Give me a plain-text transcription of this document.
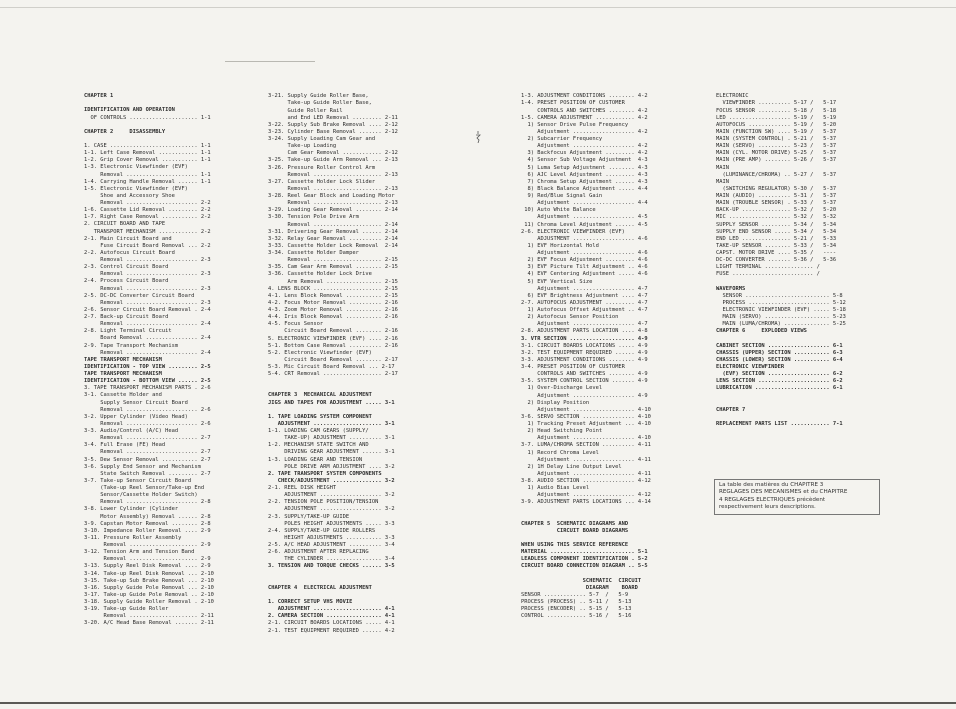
CHAPTER 1
IDENTIFICATION AND OPERATION
OF CONTROLS ..................... 1-1
CHAPTER 2     DISASSEMBLY
1. CASE ........................... 1-1
1-1. Left Case Removal ............ 1-1
1-2. Grip Cover Removal ........... 1-1
1-3. Electronic Viewfinder (EVF)
Removal ...................... 1-1
1-4. Carrying Handle Removal ...... 1-1
1-5. Electronic Viewfinder (EVF)
Shoe and Accessory Shoe
Removal ...................... 2-2
1-6. Cassette Lid Removal ......... 2-2
1-7. Right Case Removal ........... 2-2
2. CIRCUIT BOARD AND TAPE
TRANSPORT MECHANISM ............ 2-2
2-1. Main Circuit Board and
Fuse Circuit Board Removal ... 2-2
2-2. Autofocus Circuit Board
Removal ...................... 2-3
2-3. Control Circuit Board
Removal ...................... 2-3
2-4. Process Circuit Board
Removal ...................... 2-3
2-5. DC-DC Converter Circuit Board
Removal ...................... 2-3
2-6. Sensor Circuit Board Removal . 2-4
2-7. Back-up Circuit Board
Removal ...................... 2-4
2-8. Light Terminal Circuit
Board Removal ................ 2-4
2-9. Tape Transport Mechanism
Removal ...................... 2-4
TAPE TRANSPORT MECHANISM
IDENTIFICATION - TOP VIEW ......... 2-5
TAPE TRANSPORT MECHANISM
IDENTIFICATION - BOTTOM VIEW ...... 2-5
3. TAPE TRANSPORT MECHANISM PARTS . 2-6
3-1. Cassette Holder and
Supply Sensor Circuit Board
Removal ...................... 2-6
3-2. Upper Cylinder (Video Head)
Removal ...................... 2-6
3-3. Audio/Control (A/C) Head
Removal ...................... 2-7
3-4. Full Erase (FE) Head
Removal ...................... 2-7
3-5. Dew Sensor Removal ........... 2-7
3-6. Supply End Sensor and Mechanism
State Switch Removal ......... 2-7
3-7. Take-up Sensor Circuit Board
(Take-up Reel Sensor/Take-up End
Sensor/Cassette Holder Switch)
Removal ...................... 2-8
3-8. Lower Cylinder (Cylinder
Motor Assembly) Removal ...... 2-8
3-9. Capstan Motor Removal ........ 2-8
3-10. Impedance Roller Removal .... 2-9
3-11. Pressure Roller Assembly
Removal ..................... 2-9
3-12. Tension Arm and Tension Band
Removal ..................... 2-9
3-13. Supply Reel Disk Removal .... 2-9
3-14. Take-up Reel Disk Removal ... 2-10
3-15. Take-up Sub Brake Removal ... 2-10
3-16. Supply Guide Pole Removal ... 2-10
3-17. Take-up Guide Pole Removal .. 2-10
3-18. Supply Guide Roller Removal . 2-10
3-19. Take-up Guide Roller
Removal ..................... 2-11
3-20. A/C Head Base Removal ....... 2-11

3-21. Supply Guide Roller Base,
Take-up Guide Roller Base,
Guide Roller Rail
and End LED Removal ......... 2-11
3-22. Supply Sub Brake Removal .... 2-12
3-23. Cylinder Base Removal ....... 2-12
3-24. Supply Loading Cam Gear and
Take-up Loading
Cam Gear Removal ............ 2-12
3-25. Take-up Guide Arm Removal ... 2-13
3-26. Pressure Roller Control Arm
Removal ..................... 2-13
3-27. Cassette Holder Lock Slider
Removal ..................... 2-13
3-28. Reel Gear Block and Loading Motor
Removal ..................... 2-13
3-29. Loading Gear Removal ........ 2-14
3-30. Tension Pole Drive Arm
Removal ..................... 2-14
3-31. Drivering Gear Removal ...... 2-14
3-32. Relay Gear Removal .......... 2-14
3-33. Cassette Holder Lock Removal  2-14
3-34. Cassette Holder Damper
Removal ..................... 2-15
3-35. Cam Gear Arm Removal ........ 2-15
3-36. Cassette Holder Lock Drive
Arm Removal ................. 2-15
4. LENS BLOCK ..................... 2-15
4-1. Lens Block Removal ........... 2-15
4-2. Focus Motor Removal .......... 2-16
4-3. Zoom Motor Removal ........... 2-16
4-4. Iris Block Removal ........... 2-16
4-5. Focus Sensor
Circuit Board Removal ........ 2-16
5. ELECTRONIC VIEWFINDER (EVF) .... 2-16
5-1. Bottom Case Removal .......... 2-16
5-2. Electronic Viewfinder (EVF)
Circuit Board Removal ........ 2-17
5-3. Mic Circuit Board Removal ... 2-17
5-4. CRT Removal .................. 2-17
CHAPTER 3  MECHANICAL ADJUSTMENT
JIGS AND TAPES FOR ADJUSTMENT ..... 3-1
1. TAPE LOADING SYSTEM COMPONENT
ADJUSTMENT ..................... 3-1
1-1. LOADING CAM GEARS (SUPPLY/
TAKE-UP) ADJUSTMENT .......... 3-1
1-2. MECHANISM STATE SWITCH AND
DRIVING GEAR ADJUSTMENT ...... 3-1
1-3. LOADING GEAR AND TENSION
POLE DRIVE ARM ADJUSTMENT .... 3-2
2. TAPE TRANSPORT SYSTEM COMPONENTS
CHECK/ADJUSTMENT ............... 3-2
2-1. REEL DISK HEIGHT
ADJUSTMENT ................... 3-2
2-2. TENSION POLE POSITION/TENSION
ADJUSTMENT ................... 3-2
2-3. SUPPLY/TAKE-UP GUIDE
POLES HEIGHT ADJUSTMENTS ..... 3-3
2-4. SUPPLY/TAKE-UP GUIDE ROLLERS
HEIGHT ADJUSTMENTS ........... 3-3
2-5. A/C HEAD ADJUSTMENT .......... 3-4
2-6. ADJUSTMENT AFTER REPLACING
THE CYLINDER ................. 3-4
3. TENSION AND TORQUE CHECKS ...... 3-5
CHAPTER 4  ELECTRICAL ADJUSTMENT
1. CORRECT SETUP VHS MOVIE
ADJUSTMENT ..................... 4-1
2. CAMERA SECTION ................. 4-1
2-1. CIRCUIT BOARDS LOCATIONS ..... 4-1
2-1. TEST EQUIPMENT REQUIRED ...... 4-2

1-3. ADJUSTMENT CONDITIONS ........ 4-2
1-4. PRESET POSITION OF CUSTOMER
CONTROLS AND SWITCHES ........ 4-2
1-5. CAMERA ADJUSTMENT ............ 4-2
1) Sensor Drive Pulse Frequency
Adjustment ................... 4-2
2) Subcarrier Frequency
Adjustment ................... 4-2
3) Backfocus Adjustment ......... 4-2
4) Sensor Sub Voltage Adjustment  4-3
5) Luma Setup Adjustment ........ 4-3
6) AJC Level Adjustment ......... 4-3
7) Chroma Setup Adjustment ...... 4-3
8) Black Balance Adjustment ..... 4-4
9) Red/Blue Signal Gain
Adjustment ................... 4-4
10) Auto White Balance
Adjustment ................... 4-5
11) Chroma Level Adjustment ...... 4-5
2-6. ELECTRONIC VIEWFINDER (EVF)
ADJUSTMENT ................... 4-6
1) EVF Horizontal Hold
Adjustment ................... 4-6
2) EVF Focus Adjustment ......... 4-6
3) EVF Picture Tilt Adjustment .. 4-6
4) EVF Centering Adjustment ..... 4-6
5) EVF Vertical Size
Adjustment ................... 4-7
6) EVF Brightness Adjustment .... 4-7
2-7. AUTOFOCUS ADJUSTMENT ......... 4-7
1) Autofocus Offset Adjustment .. 4-7
2) Autofocus Sensor Position
Adjustment ................... 4-7
2-8. ADJUSTMENT PARTS LOCATION .... 4-8
3. VTR SECTION .................... 4-9
3-1. CIRCUIT BOARDS LOCATIONS ..... 4-9
3-2. TEST EQUIPMENT REQUIRED ...... 4-9
3-3. ADJUSTMENT CONDITIONS ........ 4-9
3-4. PRESET POSITION OF CUSTOMER
CONTROLS AND SWITCHES ........ 4-9
3-5. SYSTEM CONTROL SECTION ....... 4-9
1) Over-Discharge Level
Adjustment ................... 4-9
2) Display Position
Adjustment ................... 4-10
3-6. SERVO SECTION ................ 4-10
1) Tracking Preset Adjustment ... 4-10
2) Head Switching Point
Adjustment ................... 4-10
3-7. LUMA/CHROMA SECTION .......... 4-11
1) Record Chroma Level
Adjustment ................... 4-11
2) 1H Delay Line Output Level
Adjustment ................... 4-11
3-8. AUDIO SECTION ................ 4-12
1) Audio Bias Level
Adjustment ................... 4-12
3-9. ADJUSTMENT PARTS LOCATIONS ... 4-14
CHAPTER 5  SCHEMATIC DIAGRAMS AND
CIRCUIT BOARD DIAGRAMS
WHEN USING THIS SERVICE REFERENCE
MATERIAL .......................... 5-1
LEADLESS COMPONENT IDENTIFICATION . 5-2
CIRCUIT BOARD CONNECTION DIAGRAM .. 5-5
SCHEMATIC  CIRCUIT
DIAGRAM    BOARD
SENSOR ............. 5-7  /   5-9
PROCESS (PROCESS) .. 5-11 /   5-13
PROCESS (ENCODER) .. 5-15 /   5-13
CONTROL ............ 5-16 /   5-16

ELECTRONIC
VIEWFINDER .......... 5-17 /   5-17
FOCUS SENSOR .......... 5-18 /   5-18
LED ................... 5-19 /   5-19
AUTOFOCUS ............. 5-19 /   5-20
MAIN (FUNCTION SW) .... 5-19 /   5-37
MAIN (SYSTEM CONTROL) . 5-21 /   5-37
MAIN (SERVO) .......... 5-23 /   5-37
MAIN (CYL. MOTOR DRIVE) 5-25 /   5-37
MAIN (PRE AMP) ........ 5-26 /   5-37
MAIN
(LUMINANCE/CHROMA) .. 5-27 /   5-37
MAIN
(SWITCHING REGULATOR) 5-30 /   5-37
MAIN (AUDIO) .......... 5-31 /   5-37
MAIN (TROUBLE SENSOR) . 5-33 /   5-37
BACK-UP ............... 5-32 /   5-20
MIC ................... 5-32 /   5-32
SUPPLY SENSOR ......... 5-34 /   5-34
SUPPLY END SENSOR ..... 5-34 /   5-34
END LED ............... 5-21 /   5-33
TAKE-UP SENSOR ........ 5-33 /   5-34
CAPST. MOTOR DRIVE .... 5-35 /   ----
DC-DC CONVERTER ....... 5-36 /   5-36
LIGHT TERMINAL ............... /
FUSE ......................... /
WAVEFORMS
SENSOR .......................... 5-8
PROCESS ......................... 5-12
ELECTRONIC VIEWFINDER (EVF) ..... 5-18
MAIN (SERVO) .................... 5-23
MAIN (LUMA/CHROMA) .............. 5-25
CHAPTER 6     EXPLODED VIEWS
CABINET SECTION ................... 6-1
CHASSIS (UPPER) SECTION ........... 6-3
CHASSIS (LOWER) SECTION ........... 6-4
ELECTRONIC VIEWFINDER
(EVF) SECTION ................... 6-2
LENS SECTION ...................... 6-2
LUBRICATION ....................... 6-1
CHAPTER 7
REPLACEMENT PARTS LIST ............ 7-1

La table des matières du CHAPITRE 3
REGLAGES DES MECANISMES et du CHAPITRE
4 REGLAGES ELECTRIQUES précèdent
respectivement leurs descriptions.
